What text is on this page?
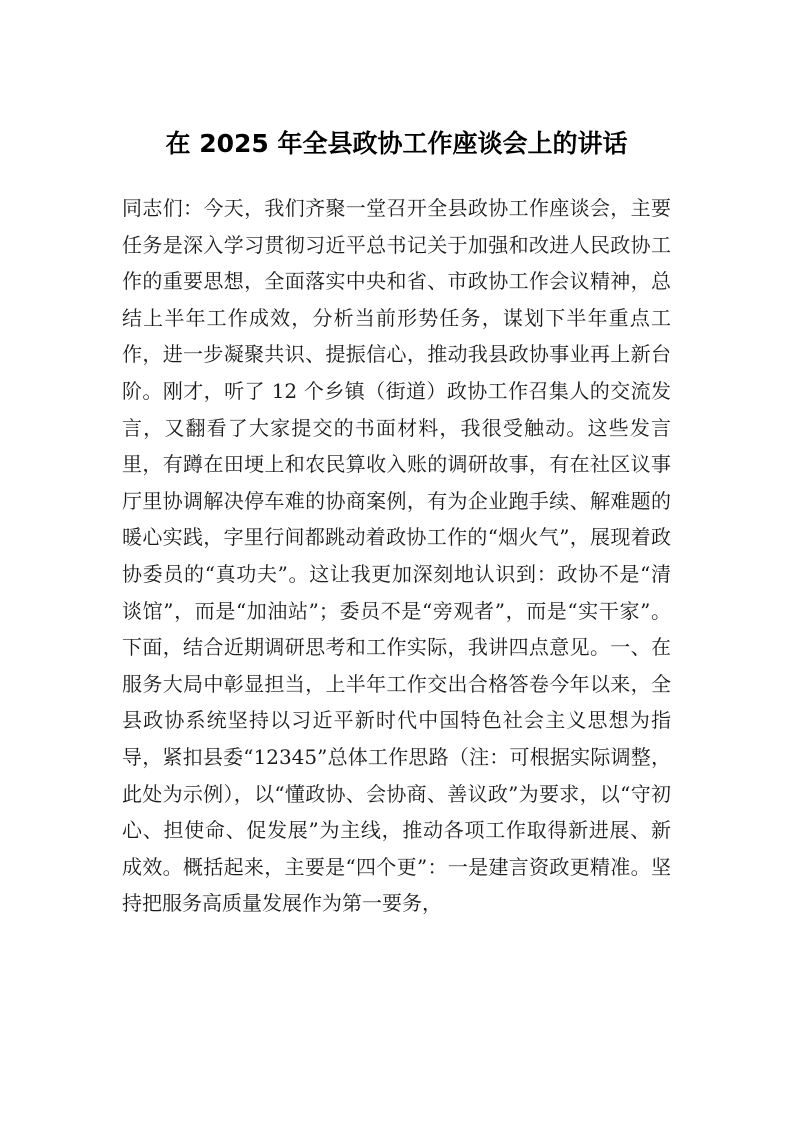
在 2025 年全县政协工作座谈会上的讲话

同志们：今天，我们齐聚一堂召开全县政协工作座谈会，主要任务是深入学习贯彻习近平总书记关于加强和改进人民政协工作的重要思想，全面落实中央和省、市政协工作会议精神，总结上半年工作成效，分析当前形势任务，谋划下半年重点工作，进一步凝聚共识、提振信心，推动我县政协事业再上新台阶。刚才，听了 12 个乡镇（街道）政协工作召集人的交流发言，又翻看了大家提交的书面材料，我很受触动。这些发言里，有蹲在田埂上和农民算收入账的调研故事，有在社区议事厅里协调解决停车难的协商案例，有为企业跑手续、解难题的暖心实践，字里行间都跳动着政协工作的“烟火气”，展现着政协委员的“真功夫”。这让我更加深刻地认识到：政协不是“清谈馆”，而是“加油站”；委员不是“旁观者”，而是“实干家”。下面，结合近期调研思考和工作实际，我讲四点意见。一、在服务大局中彰显担当，上半年工作交出合格答卷今年以来，全县政协系统坚持以习近平新时代中国特色社会主义思想为指导，紧扣县委“12345”总体工作思路（注：可根据实际调整，此处为示例），以“懂政协、会协商、善议政”为要求，以“守初心、担使命、促发展”为主线，推动各项工作取得新进展、新成效。概括起来，主要是“四个更”：一是建言资政更精准。坚持把服务高质量发展作为第一要务，
